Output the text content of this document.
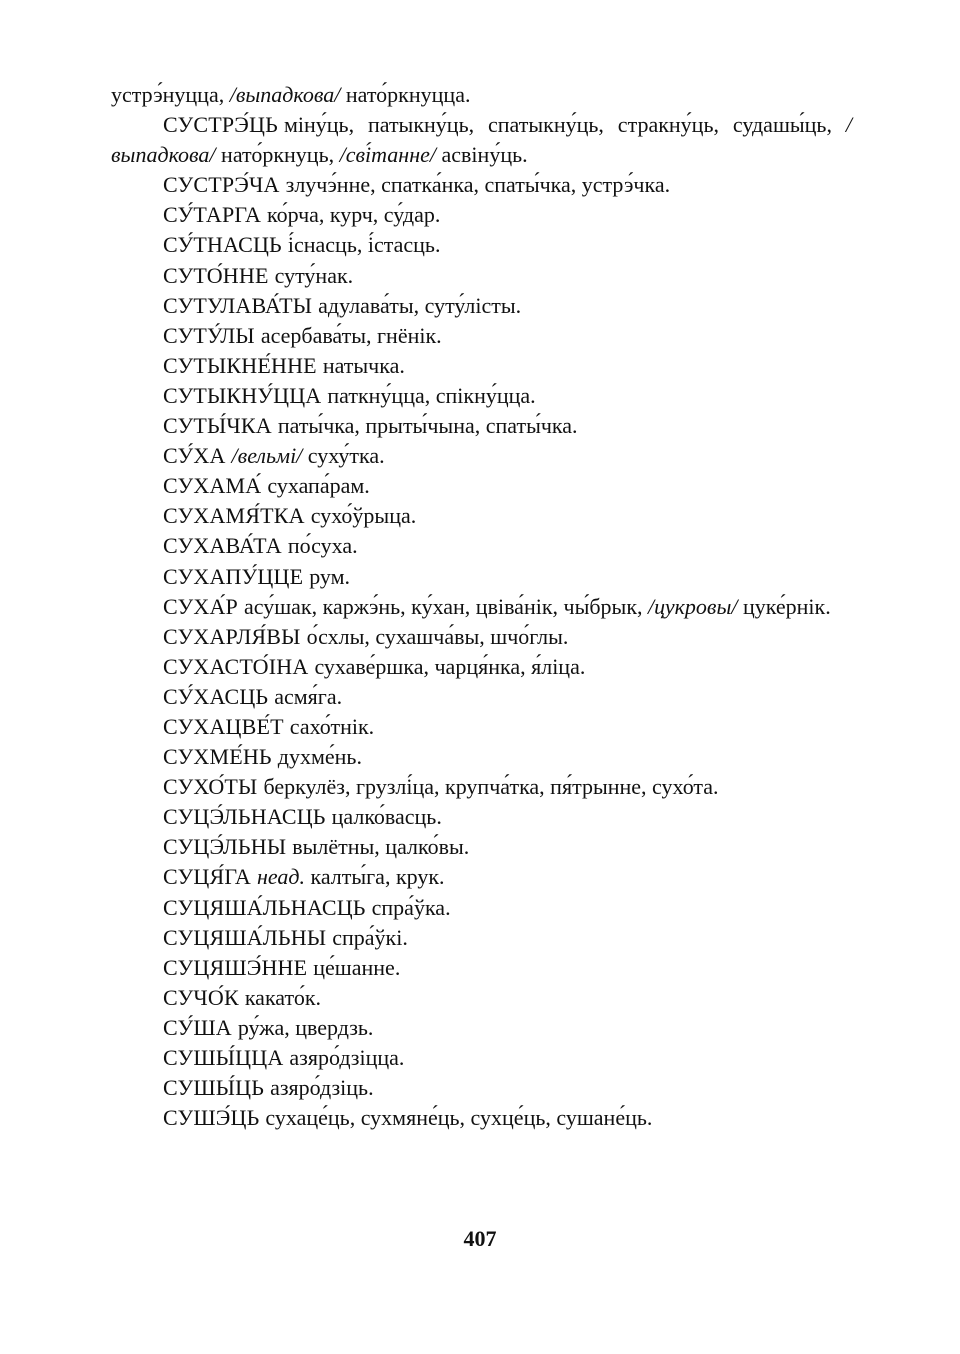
устрэ́нуцца, /выпадкова/ нато́ркнуцца.

СУСТРЭ́ЦЬ міну́ць, патыкну́ць, спатыкну́ць, стракну́ць, судашы́ць, /выпадкова/ нато́ркнуць, /сві́танне/ асвіну́ць.

СУСТРЭ́ЧА злучэ́нне, спатка́нка, спаты́чка, устрэ́чка.

СУ́ТАРГА ко́рча, курч, су́дар.

СУ́ТНАСЦЬ і́снасць, і́стасць.

СУТО́ННЕ суту́нак.

СУТУЛАВА́ТЫ адулава́ты, суту́лісты.

СУТУ́ЛЫ асербава́ты, гнёнік.

СУТЫКНЕ́ННЕ натычка.

СУТЫКНУ́ЦЦА паткну́цца, спікну́цца.

СУТЫ́ЧКА паты́чка, прыты́чына, спаты́чка.

СУ́ХА /вельмі/ суху́тка.

СУХАМА́ сухапа́рам.

СУХАМЯ́ТКА сухо́ўрыца.

СУХАВА́ТА по́суха.

СУХАПУ́ЦЦЕ рум.

СУХА́Р асу́шак, каржэ́нь, ку́хан, цвіва́нік, чы́брык, /цукровы/ цуке́рнік.

СУХАРЛЯ́ВЫ о́схлы, сухашча́вы, шчо́глы.

СУХАСТО́ІНА сухаве́ршка, чарця́нка, я́ліца.

СУ́ХАСЦЬ асмя́га.

СУХАЦВЕ́Т сахо́тнік.

СУХМЕ́НЬ духме́нь.

СУХО́ТЫ беркулёз, грузлі́ца, крупча́тка, пя́трынне, сухо́та.

СУЦЭ́ЛЬНАСЦЬ цалко́васць.

СУЦЭ́ЛЬНЫ вылётны, цалко́вы.

СУЦЯ́ГА неад. калты́га, крук.

СУЦЯША́ЛЬНАСЦЬ спра́ўка.

СУЦЯША́ЛЬНЫ спра́ўкі.

СУЦЯШЭ́ННЕ це́шанне.

СУЧО́К какато́к.

СУ́ША ру́жа, цвердзь.

СУШЫ́ЦЦА азяро́дзіцца.

СУШЫ́ЦЬ азяро́дзіць.

СУШЭ́ЦЬ сухаце́ць, сухмяне́ць, сухце́ць, сушане́ць.

407
